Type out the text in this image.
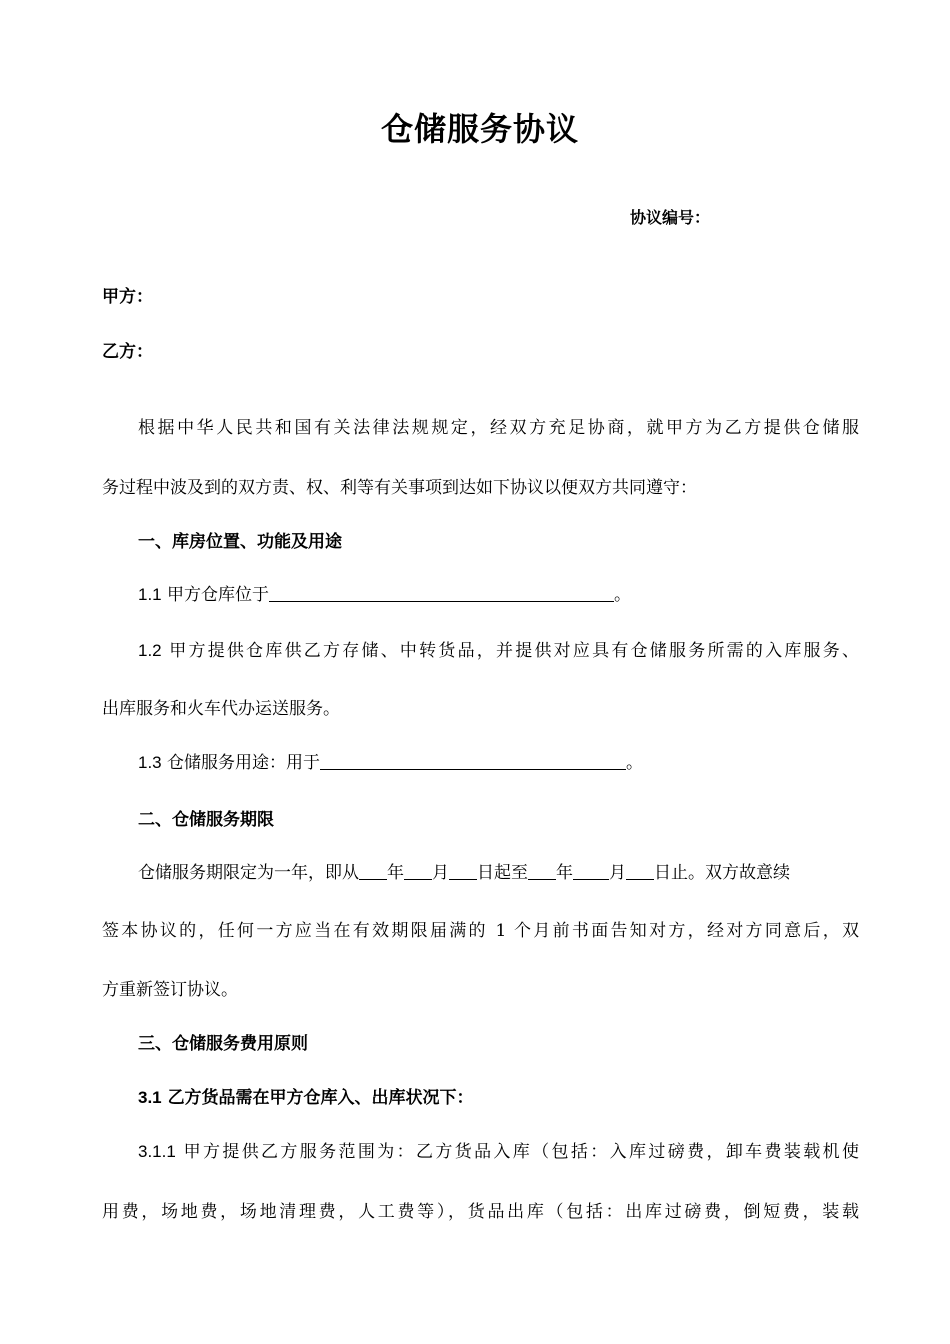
仓储服务协议
协议编号：
甲方：
乙方：
根据中华人民共和国有关法律法规规定，经双方充足协商，就甲方为乙方提供仓储服
务过程中波及到的双方责、权、利等有关事项到达如下协议以便双方共同遵守：
一、库房位置、功能及用途
1.1 甲方仓库位于	。
1.2 甲方提供仓库供乙方存储、中转货品，并提供对应具有仓储服务所需的入库服务、
出库服务和火车代办运送服务。
1.3 仓储服务用途：用于	。
二、仓储服务期限
仓储服务期限定为一年，即从 年 月 日起至 年 月 日止。双方故意续
签本协议的，任何一方应当在有效期限届满的 1 个月前书面告知对方，经对方同意后，双
方重新签订协议。
三、仓储服务费用原则
3.1 乙方货品需在甲方仓库入、出库状况下：
3.1.1 甲方提供乙方服务范围为：乙方货品入库（包括：入库过磅费，卸车费装载机使
用费，场地费，场地清理费，人工费等），货品出库（包括：出库过磅费，倒短费，装载
